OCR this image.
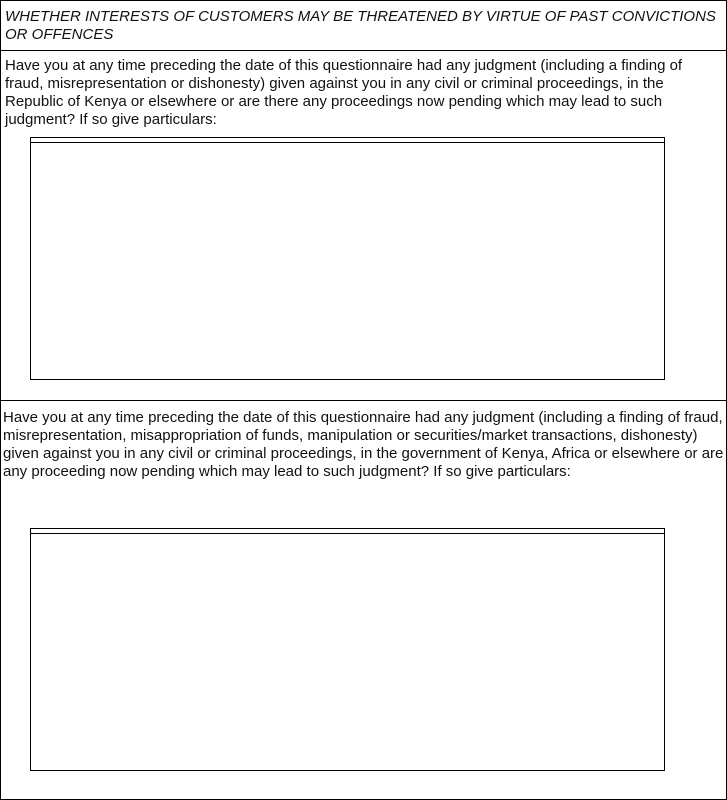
WHETHER INTERESTS OF CUSTOMERS MAY BE THREATENED BY VIRTUE OF PAST CONVICTIONS OR OFFENCES

Have you at any time preceding the date of this questionnaire had any judgment (including a finding of fraud, misrepresentation or dishonesty) given against you in any civil or criminal proceedings, in the Republic of Kenya or elsewhere or are there any proceedings now pending which may lead to such judgment? If so give particulars:

Have you at any time preceding the date of this questionnaire had any judgment (including a finding of fraud, misrepresentation, misappropriation of funds, manipulation or securities/market transactions, dishonesty) given against you in any civil or criminal proceedings, in the government of Kenya, Africa or elsewhere or are any proceeding now pending which may lead to such judgment? If so give particulars:
